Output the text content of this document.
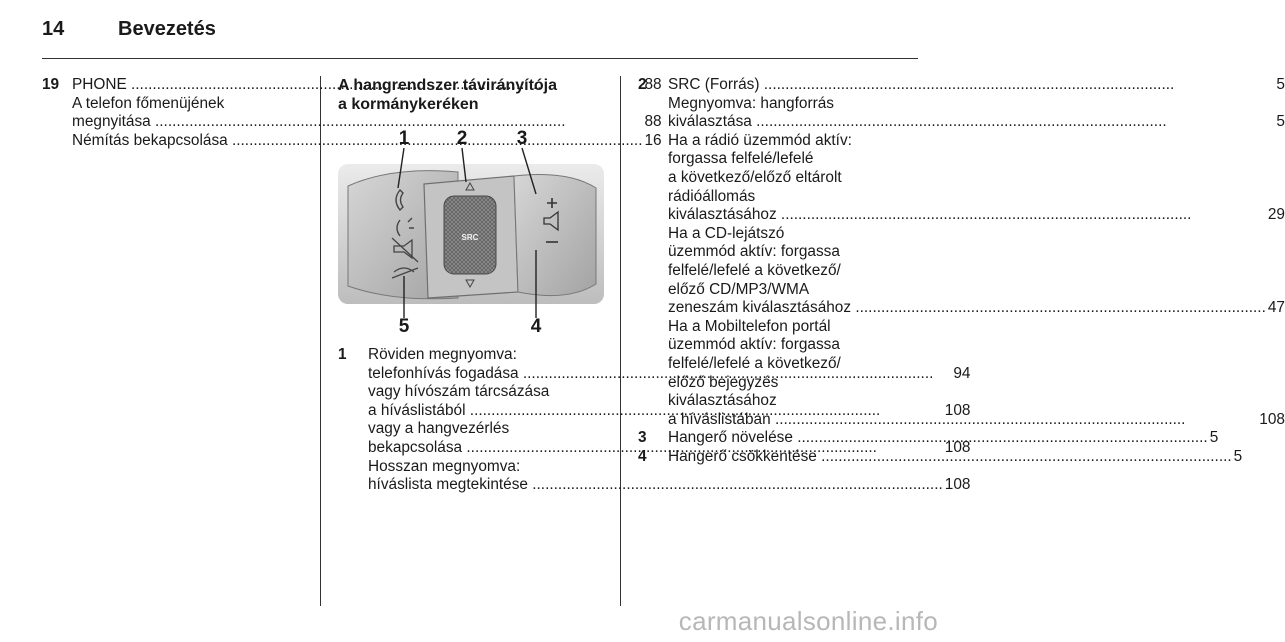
14	Bevezetés
19 PHONE .....	88
A telefon főmenüjének
megnyitása .....	88
Némítás bekapcsolása .....	16
A hangrendszer távirányítója
a kormánykeréken
SRC
1 2	3
4
5
1	Röviden megnyomva:
telefonhívás fogadása .....	94
vagy hívószám tárcsázása
a híváslistából .....	108
vagy a hangvezérlés
bekapcsolása .....	108
Hosszan megnyomva:
híváslista megtekintése .....	108
2	SRC (Forrás) .....	5
Megnyomva: hangforrás
kiválasztása .....	5
Ha a rádió üzemmód aktív:
forgassa felfelé/lefelé
a következő/előző eltárolt
rádióállomás
kiválasztásához .....	29
Ha a CD-lejátszó
üzemmód aktív: forgassa
felfelé/lefelé a következő/
előző CD/MP3/WMA
zeneszám kiválasztásához .....	47
Ha a Mobiltelefon portál
üzemmód aktív: forgassa
felfelé/lefelé a következő/
előző bejegyzés
kiválasztásához
a híváslistában .....	108
3	Hangerő növelése .....	5
4	Hangerő csökkentése .....	5
carmanualsonline.info
